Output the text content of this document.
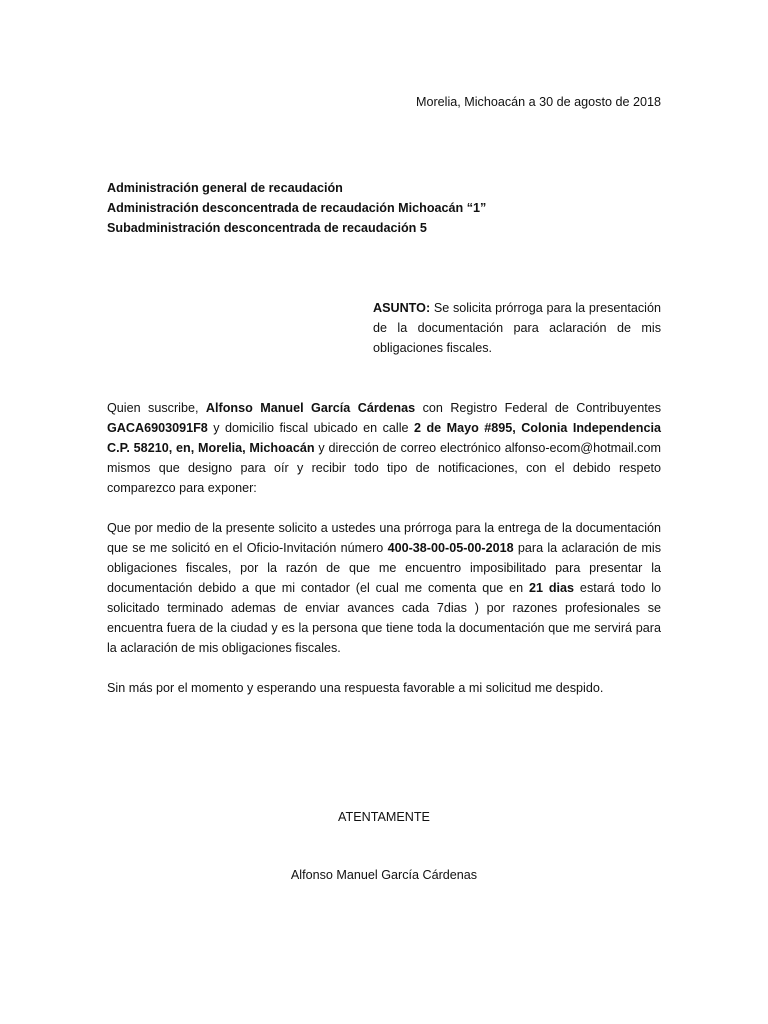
Morelia, Michoacán a 30 de agosto de 2018
Administración general de recaudación
Administración desconcentrada de recaudación Michoacán “1”
Subadministración desconcentrada de recaudación 5
ASUNTO: Se solicita prórroga para la presentación de la documentación para aclaración de mis obligaciones fiscales.

Quien suscribe, Alfonso Manuel García Cárdenas con Registro Federal de Contribuyentes GACA6903091F8 y domicilio fiscal ubicado en calle 2 de Mayo #895, Colonia Independencia C.P. 58210, en, Morelia, Michoacán y dirección de correo electrónico alfonso-ecom@hotmail.com mismos que designo para oír y recibir todo tipo de notificaciones, con el debido respeto comparezco para exponer:

Que por medio de la presente solicito a ustedes una prórroga para la entrega de la documentación que se me solicitó en el Oficio-Invitación número 400-38-00-05-00-2018 para la aclaración de mis obligaciones fiscales, por la razón de que me encuentro imposibilitado para presentar la documentación debido a que mi contador (el cual me comenta que en 21 dias estará todo lo solicitado terminado ademas de enviar avances cada 7dias ) por razones profesionales se encuentra fuera de la ciudad y es la persona que tiene toda la documentación que me servirá para la aclaración de mis obligaciones fiscales.

Sin más por el momento y esperando una respuesta favorable a mi solicitud me despido.

ATENTAMENTE
Alfonso Manuel García Cárdenas
